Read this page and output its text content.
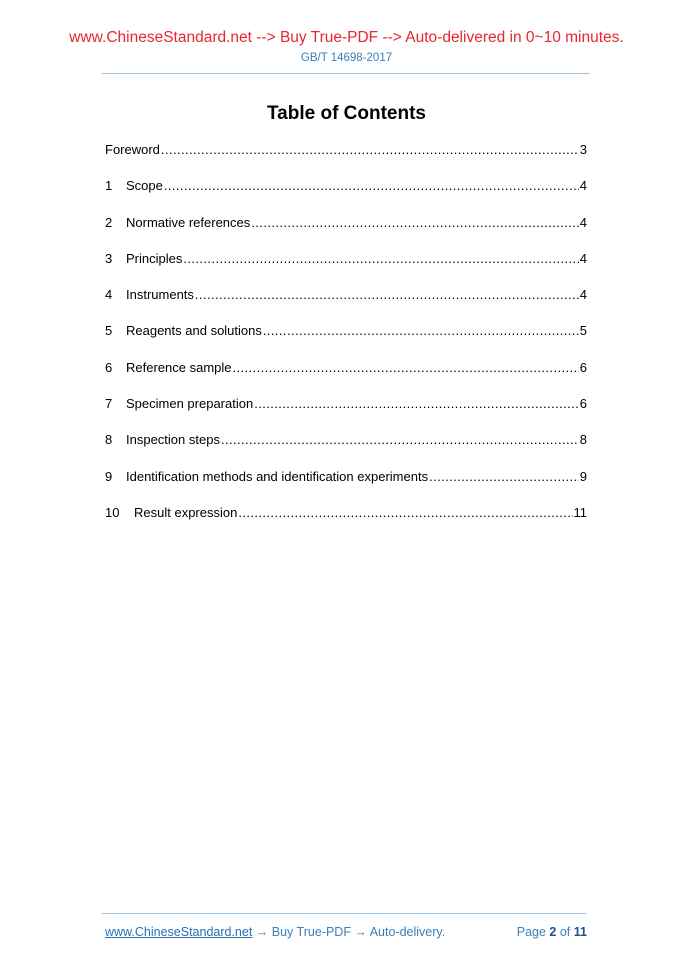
www.ChineseStandard.net --> Buy True-PDF --> Auto-delivered in 0~10 minutes.
GB/T 14698-2017
Table of Contents
Foreword .....	3
1	Scope .....	4
2	Normative references .....	4
3	Principles .....	4
4	Instruments .....	4
5	Reagents and solutions .....	5
6	Reference sample .....	6
7	Specimen preparation .....	6
8	Inspection steps .....	8
9	Identification methods and identification experiments .....	9
10	Result expression .....	11
www.ChineseStandard.net → Buy True-PDF → Auto-delivery.	Page 2 of 11
